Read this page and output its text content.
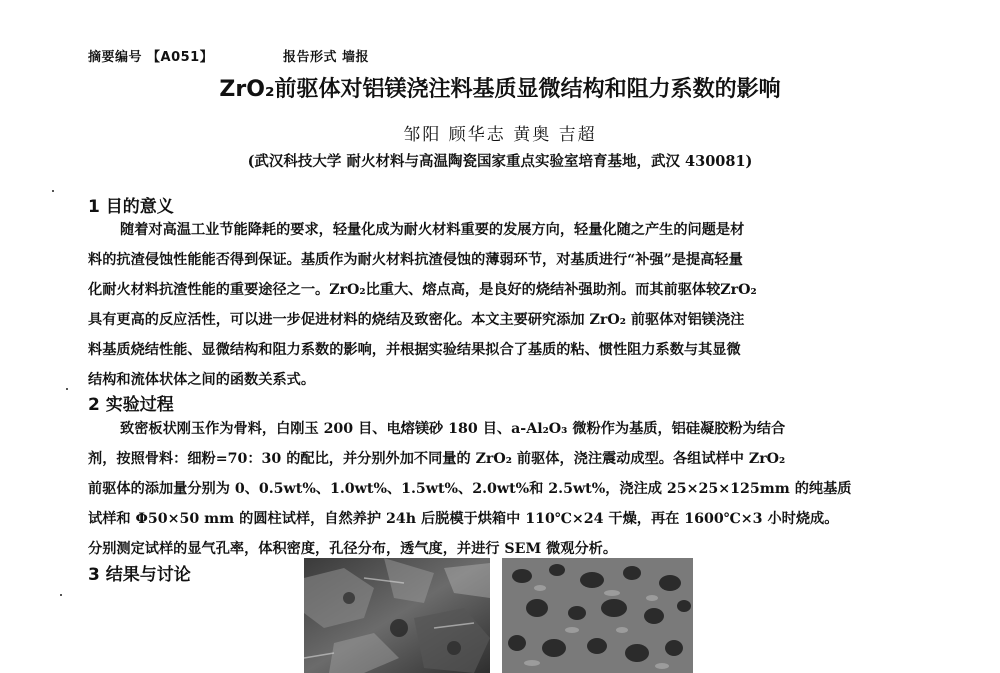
摘要编号 【A051】	报告形式 墙报
ZrO₂前驱体对铝镁浇注料基质显微结构和阻力系数的影响
邹阳 顾华志 黄奥 吉超
(武汉科技大学 耐火材料与高温陶瓷国家重点实验室培育基地，武汉 430081)
1 目的意义
随着对高温工业节能降耗的要求，轻量化成为耐火材料重要的发展方向，轻量化随之产生的问题是材
料的抗渣侵蚀性能能否得到保证。基质作为耐火材料抗渣侵蚀的薄弱环节，对基质进行“补强”是提高轻量
化耐火材料抗渣性能的重要途径之一。ZrO₂比重大、熔点高，是良好的烧结补强助剂。而其前驱体较ZrO₂
具有更高的反应活性，可以进一步促进材料的烧结及致密化。本文主要研究添加 ZrO₂ 前驱体对铝镁浇注
料基质烧结性能、显微结构和阻力系数的影响，并根据实验结果拟合了基质的粘、惯性阻力系数与其显微
结构和流体状体之间的函数关系式。
2 实验过程
致密板状刚玉作为骨料，白刚玉 200 目、电熔镁砂 180 目、a-Al₂O₃ 微粉作为基质，铝硅凝胶粉为结合
剂，按照骨料：细粉=70：30 的配比，并分别外加不同量的 ZrO₂ 前驱体，浇注震动成型。各组试样中 ZrO₂
前驱体的添加量分别为 0、0.5wt%、1.0wt%、1.5wt%、2.0wt%和 2.5wt%，浇注成 25×25×125mm 的纯基质
试样和 Φ50×50 mm 的圆柱试样，自然养护 24h 后脱模于烘箱中 110℃×24 干燥，再在 1600℃×3 小时烧成。
分别测定试样的显气孔率，体积密度，孔径分布，透气度，并进行 SEM 微观分析。
3 结果与讨论
